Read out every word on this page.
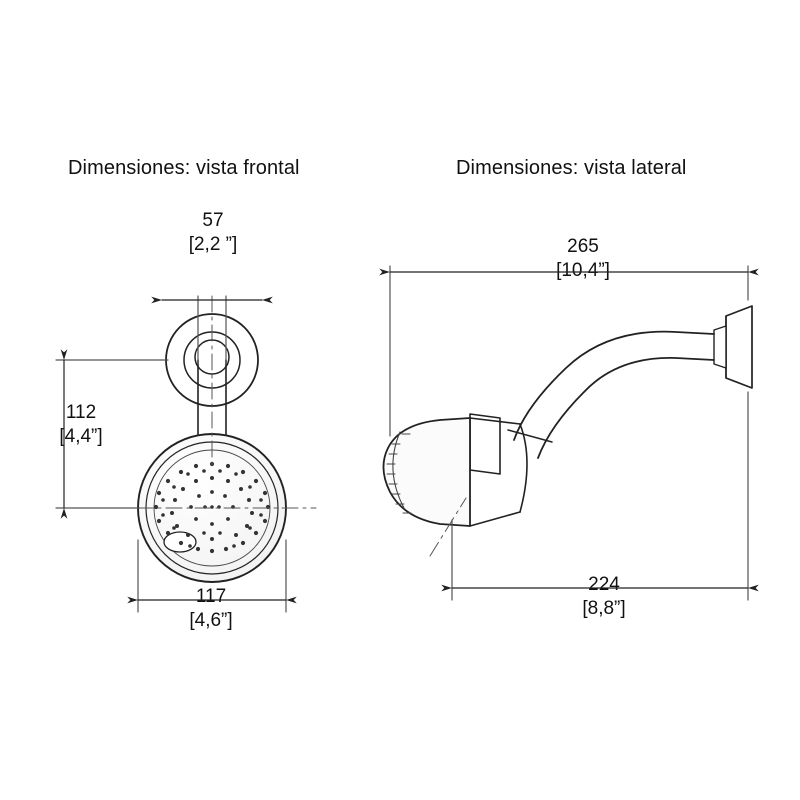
Dimensiones: vista frontal	Dimensiones: vista lateral
57
[2,2 ”]
112
[4,4”]
117
[4,6”]
265
[10,4”]
224
[8,8”]
